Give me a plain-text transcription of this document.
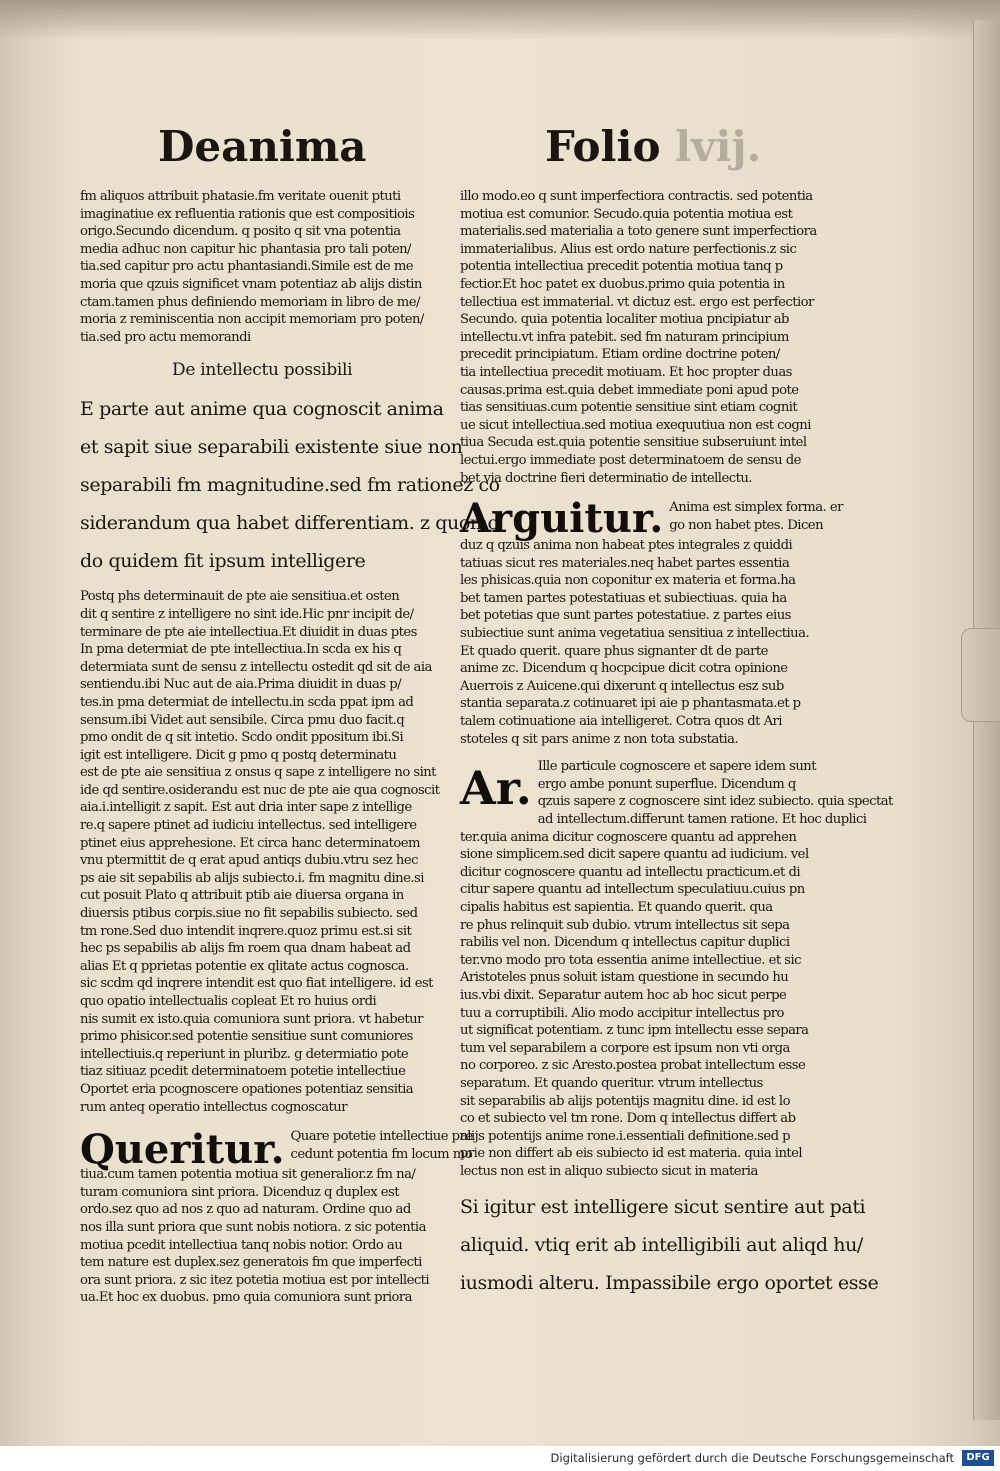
Deanima	Folio lvij.
fm aliquos attribuit phatasie.fm veritate ouenit ptuti
imaginatiue ex refluentia rationis que est compositiois
origo.Secundo dicendum. q posito q sit vna potentia
media adhuc non capitur hic phantasia pro tali poten/
tia.sed capitur pro actu phantasiandi.Simile est de me
moria que qzuis significet vnam potentiaz ab alijs distin
ctam.tamen phus definiendo memoriam in libro de me/
moria z reminiscentia non accipit memoriam pro poten/
tia.sed pro actu memorandi
De intellectu possibili
E parte aut anime qua cognoscit anima
et sapit siue separabili existente siue non
separabili fm magnitudine.sed fm rationez co
siderandum qua habet differentiam. z quomo
do quidem fit ipsum intelligere
Postq phs determinauit de pte aie sensitiua.et osten
dit q sentire z intelligere no sint ide.Hic pnr incipit de/
terminare de pte aie intellectiua.Et diuidit in duas ptes
In pma determiat de pte intellectiua.In scda ex his q
determiata sunt de sensu z intellectu ostedit qd sit de aia
sentiendu.ibi Nuc aut de aia.Prima diuidit in duas p/
tes.in pma determiat de intellectu.in scda ppat ipm ad
sensum.ibi Videt aut sensibile. Circa pmu duo facit.q
pmo ondit de q sit intetio. Scdo ondit ppositum ibi.Si
igit est intelligere. Dicit g pmo q postq determinatu
est de pte aie sensitiua z onsus q sape z intelligere no sint
ide qd sentire.osiderandu est nuc de pte aie qua cognoscit
aia.i.intelligit z sapit. Est aut dria inter sape z intellige
re.q sapere ptinet ad iudiciu intellectus. sed intelligere
ptinet eius apprehesione. Et circa hanc determinatoem
vnu ptermittit de q erat apud antiqs dubiu.vtru sez hec
ps aie sit sepabilis ab alijs subiecto.i. fm magnitu dine.si
cut posuit Plato q attribuit ptib aie diuersa organa in
diuersis ptibus corpis.siue no fit sepabilis subiecto. sed
tm rone.Sed duo intendit inqrere.quoz primu est.si sit
hec ps sepabilis ab alijs fm roem qua dnam habeat ad
alias Et q pprietas potentie ex qlitate actus cognosca.
sic scdm qd inqrere intendit est quo fiat intelligere. id est
quo opatio intellectualis copleat Et ro huius ordi
nis sumit ex isto.quia comuniora sunt priora. vt habetur
primo phisicor.sed potentie sensitiue sunt comuniores
intellectiuis.q reperiunt in pluribz. g determiatio pote
tiaz sitiuaz pcedit determinatoem potetie intellectiue
Oportet eria pcognoscere opationes potentiaz sensitia
rum anteq operatio intellectus cognoscatur
Queritur. Quare potetie intellectiue pre
cedunt potentia fm locum mo
tiua.cum tamen potentia motiua sit generalior.z fm na/
turam comuniora sint priora. Dicenduz q duplex est
ordo.sez quo ad nos z quo ad naturam. Ordine quo ad
nos illa sunt priora que sunt nobis notiora. z sic potentia
motiua pcedit intellectiua tanq nobis notior. Ordo au
tem nature est duplex.sez generatois fm que imperfecti
ora sunt priora. z sic itez potetia motiua est por intellecti
ua.Et hoc ex duobus. pmo quia comuniora sunt priora
illo modo.eo q sunt imperfectiora contractis. sed potentia
motiua est comunior. Secudo.quia potentia motiua est
materialis.sed materialia a toto genere sunt imperfectiora
immaterialibus. Alius est ordo nature perfectionis.z sic
potentia intellectiua precedit potentia motiua tanq p
fectior.Et hoc patet ex duobus.primo quia potentia in
tellectiua est immaterial. vt dictuz est. ergo est perfectior
Secundo. quia potentia localiter motiua pncipiatur ab
intellectu.vt infra patebit. sed fm naturam principium
precedit principiatum. Etiam ordine doctrine poten/
tia intellectiua precedit motiuam. Et hoc propter duas
causas.prima est.quia debet immediate poni apud pote
tias sensitiuas.cum potentie sensitiue sint etiam cognit
ue sicut intellectiua.sed motiua exequutiua non est cogni
tiua Secuda est.quia potentie sensitiue subseruiunt intel
lectui.ergo immediate post determinatoem de sensu de
bet via doctrine fieri determinatio de intellectu.
Arguitur. Anima est simplex forma. er
go non habet ptes. Dicen
duz q qzuis anima non habeat ptes integrales z quiddi
tatiuas sicut res materiales.neq habet partes essentia
les phisicas.quia non coponitur ex materia et forma.ha
bet tamen partes potestatiuas et subiectiuas. quia ha
bet potetias que sunt partes potestatiue. z partes eius
subiectiue sunt anima vegetatiua sensitiua z intellectiua.
Et quado querit. quare phus signanter dt de parte
anime zc. Dicendum q hocpcipue dicit cotra opinione
Auerrois z Auicene.qui dixerunt q intellectus esz sub
stantia separata.z cotinuaret ipi aie p phantasmata.et p
talem cotinuatione aia intelligeret. Cotra quos dt Ari
stoteles q sit pars anime z non tota substatia.
Ar. Ille particule cognoscere et sapere idem sunt
ergo ambe ponunt superflue. Dicendum q
qzuis sapere z cognoscere sint idez subiecto. quia spectat
ad intellectum.differunt tamen ratione. Et hoc duplici
ter.quia anima dicitur cognoscere quantu ad apprehen
sione simplicem.sed dicit sapere quantu ad iudicium. vel
dicitur cognoscere quantu ad intellectu practicum.et di
citur sapere quantu ad intellectum speculatiuu.cuius pn
cipalis habitus est sapientia. Et quando querit. qua
re phus relinquit sub dubio. vtrum intellectus sit sepa
rabilis vel non. Dicendum q intellectus capitur duplici
ter.vno modo pro tota essentia anime intellectiue. et sic
Aristoteles pnus soluit istam questione in secundo hu
ius.vbi dixit. Separatur autem hoc ab hoc sicut perpe
tuu a corruptibili. Alio modo accipitur intellectus pro
ut significat potentiam. z tunc ipm intellectu esse separa
tum vel separabilem a corpore est ipsum non vti orga
no corporeo. z sic Aresto.postea probat intellectum esse
separatum. Et quando queritur. vtrum intellectus
sit separabilis ab alijs potentijs magnitu dine. id est lo
co et subiecto vel tm rone. Dom q intellectus differt ab
alijs potentijs anime rone.i.essentiali definitione.sed p
prie non differt ab eis subiecto id est materia. quia intel
lectus non est in aliquo subiecto sicut in materia
Si igitur est intelligere sicut sentire aut pati
aliquid. vtiq erit ab intelligibili aut aliqd hu/
iusmodi alteru. Impassibile ergo oportet esse
Digitalisierung gefördert durch die Deutsche Forschungsgemeinschaft	DFG
